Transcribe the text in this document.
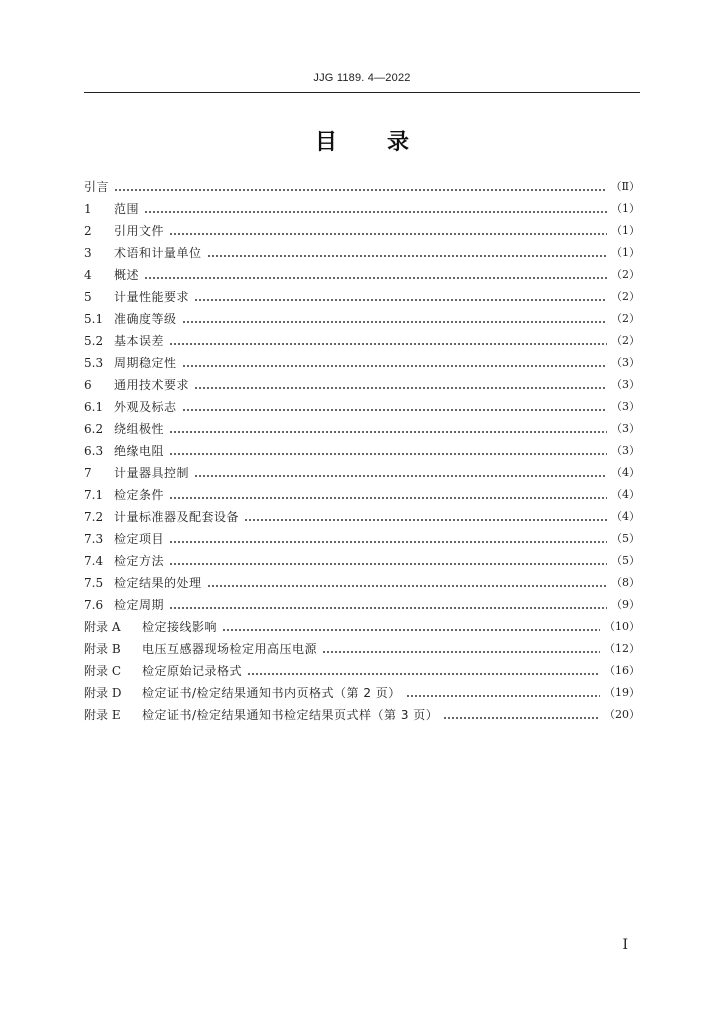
JJG 1189. 4—2022
目 录
引言	（Ⅱ）
1	范围	（1）
2	引用文件	（1）
3	术语和计量单位	（1）
4	概述	（2）
5	计量性能要求	（2）
5.1 准确度等级	（2）
5.2 基本误差	（2）
5.3 周期稳定性	（3）
6	通用技术要求	（3）
6.1 外观及标志	（3）
6.2 绕组极性	（3）
6.3 绝缘电阻	（3）
7	计量器具控制	（4）
7.1 检定条件	（4）
7.2 计量标准器及配套设备	（4）
7.3 检定项目	（5）
7.4 检定方法	（5）
7.5 检定结果的处理	（8）
7.6 检定周期	（9）
附录 A	检定接线影响	（10）
附录 B	电压互感器现场检定用高压电源	（12）
附录 C	检定原始记录格式	（16）
附录 D	检定证书/检定结果通知书内页格式（第 2 页）	（19）
附录 E	检定证书/检定结果通知书检定结果页式样（第 3 页）	（20）
I
